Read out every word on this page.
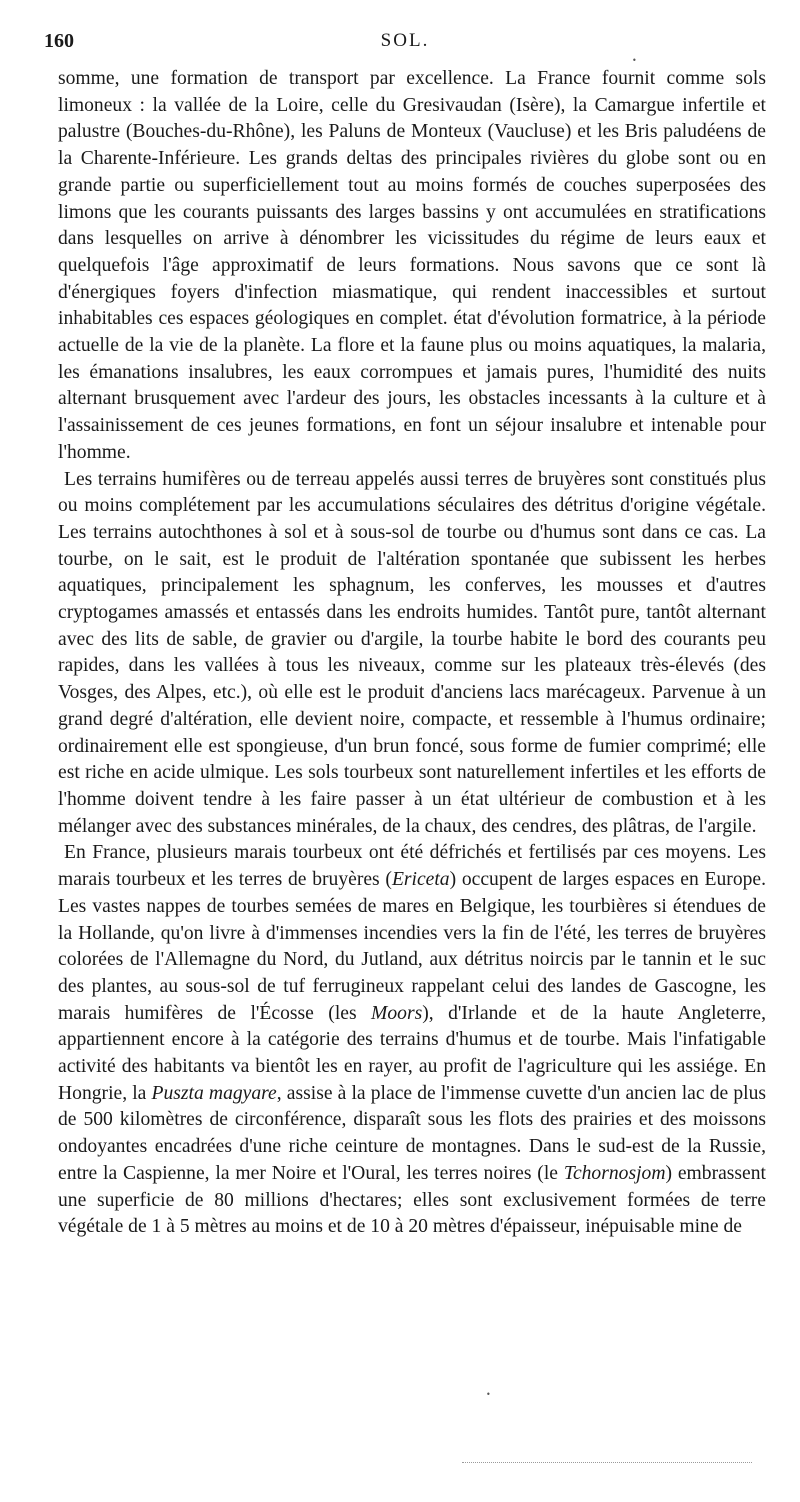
160	SOL.
•

somme, une formation de transport par excellence. La France fournit comme sols limoneux : la vallée de la Loire, celle du Gresivaudan (Isère), la Camargue infertile et palustre (Bouches-du-Rhône), les Paluns de Monteux (Vaucluse) et les Bris paludéens de la Charente-Inférieure. Les grands deltas des principales rivières du globe sont ou en grande partie ou superficiellement tout au moins formés de couches superposées des limons que les courants puissants des larges bassins y ont accumulées en stratifications dans lesquelles on arrive à dénombrer les vicissitudes du régime de leurs eaux et quelquefois l'âge approximatif de leurs formations. Nous savons que ce sont là d'énergiques foyers d'infection miasmatique, qui rendent inaccessibles et surtout inhabitables ces espaces géologiques en complet. état d'évolution formatrice, à la période actuelle de la vie de la planète. La flore et la faune plus ou moins aquatiques, la malaria, les émanations insalubres, les eaux corrompues et jamais pures, l'humidité des nuits alternant brusquement avec l'ardeur des jours, les obstacles incessants à la culture et à l'assainissement de ces jeunes formations, en font un séjour insalubre et intenable pour l'homme.

Les terrains humifères ou de terreau appelés aussi terres de bruyères sont constitués plus ou moins complétement par les accumulations séculaires des détritus d'origine végétale. Les terrains autochthones à sol et à sous-sol de tourbe ou d'humus sont dans ce cas. La tourbe, on le sait, est le produit de l'altération spontanée que subissent les herbes aquatiques, principalement les sphagnum, les conferves, les mousses et d'autres cryptogames amassés et entassés dans les endroits humides. Tantôt pure, tantôt alternant avec des lits de sable, de gravier ou d'argile, la tourbe habite le bord des courants peu rapides, dans les vallées à tous les niveaux, comme sur les plateaux très-élevés (des Vosges, des Alpes, etc.), où elle est le produit d'anciens lacs marécageux. Parvenue à un grand degré d'altération, elle devient noire, compacte, et ressemble à l'humus ordinaire; ordinairement elle est spongieuse, d'un brun foncé, sous forme de fumier comprimé; elle est riche en acide ulmique. Les sols tourbeux sont naturellement infertiles et les efforts de l'homme doivent tendre à les faire passer à un état ultérieur de combustion et à les mélanger avec des substances minérales, de la chaux, des cendres, des plâtras, de l'argile.

En France, plusieurs marais tourbeux ont été défrichés et fertilisés par ces moyens. Les marais tourbeux et les terres de bruyères (Ericeta) occupent de larges espaces en Europe. Les vastes nappes de tourbes semées de mares en Belgique, les tourbières si étendues de la Hollande, qu'on livre à d'immenses incendies vers la fin de l'été, les terres de bruyères colorées de l'Allemagne du Nord, du Jutland, aux détritus noircis par le tannin et le suc des plantes, au sous-sol de tuf ferrugineux rappelant celui des landes de Gascogne, les marais humifères de l'Écosse (les Moors), d'Irlande et de la haute Angleterre, appartiennent encore à la catégorie des terrains d'humus et de tourbe. Mais l'infatigable activité des habitants va bientôt les en rayer, au profit de l'agriculture qui les assiége. En Hongrie, la Puszta magyare, assise à la place de l'immense cuvette d'un ancien lac de plus de 500 kilomètres de circonférence, disparaît sous les flots des prairies et des moissons ondoyantes encadrées d'une riche ceinture de montagnes. Dans le sud-est de la Russie, entre la Caspienne, la mer Noire et l'Oural, les terres noires (le Tchornosjom) embrassent une superficie de 80 millions d'hectares; elles sont exclusivement formées de terre végétale de 1 à 5 mètres au moins et de 10 à 20 mètres d'épaisseur, inépuisable mine de

•
